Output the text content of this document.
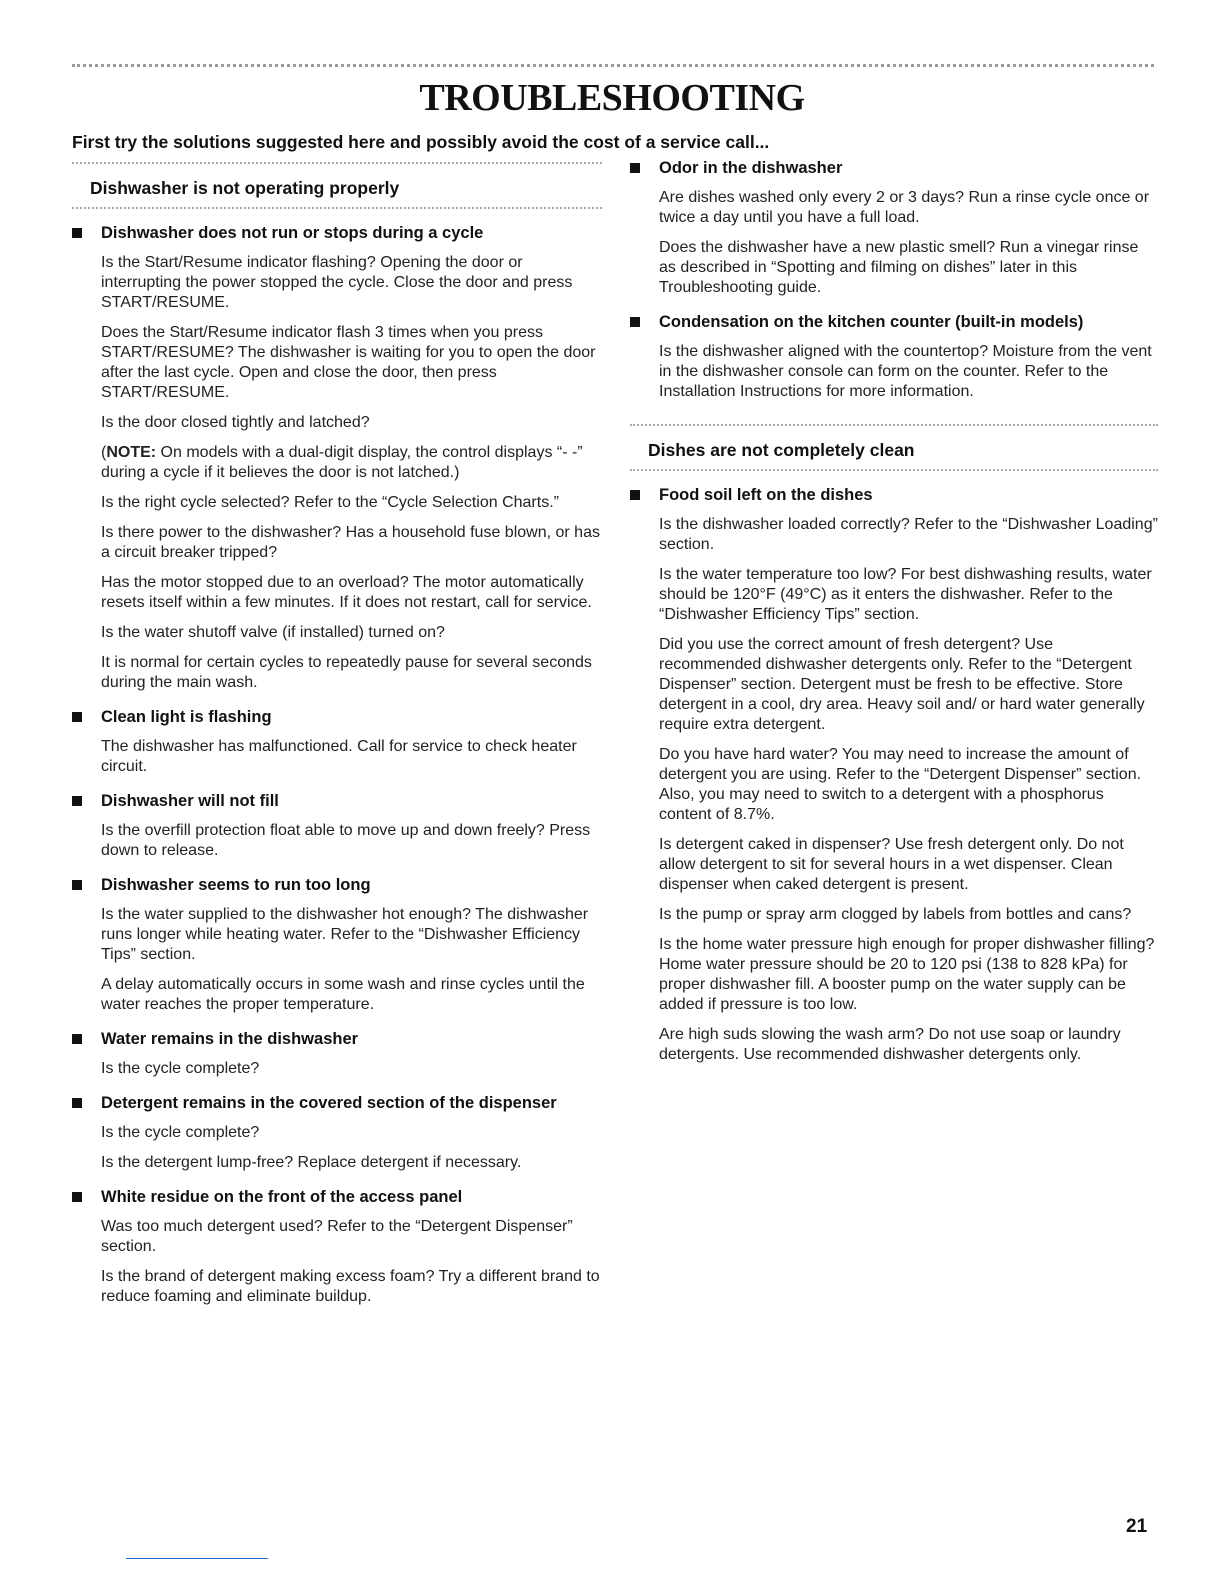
TROUBLESHOOTING
First try the solutions suggested here and possibly avoid the cost of a service call...
Dishwasher is not operating properly
Dishwasher does not run or stops during a cycle
Is the Start/Resume indicator flashing? Opening the door or interrupting the power stopped the cycle. Close the door and press START/RESUME.
Does the Start/Resume indicator flash 3 times when you press START/RESUME? The dishwasher is waiting for you to open the door after the last cycle. Open and close the door, then press START/RESUME.
Is the door closed tightly and latched?
(NOTE: On models with a dual-digit display, the control displays “- -” during a cycle if it believes the door is not latched.)
Is the right cycle selected? Refer to the “Cycle Selection Charts.”
Is there power to the dishwasher? Has a household fuse blown, or has a circuit breaker tripped?
Has the motor stopped due to an overload? The motor automatically resets itself within a few minutes. If it does not restart, call for service.
Is the water shutoff valve (if installed) turned on?
It is normal for certain cycles to repeatedly pause for several seconds during the main wash.
Clean light is flashing
The dishwasher has malfunctioned. Call for service to check heater circuit.
Dishwasher will not fill
Is the overfill protection float able to move up and down freely? Press down to release.
Dishwasher seems to run too long
Is the water supplied to the dishwasher hot enough? The dishwasher runs longer while heating water. Refer to the “Dishwasher Efficiency Tips” section.
A delay automatically occurs in some wash and rinse cycles until the water reaches the proper temperature.
Water remains in the dishwasher
Is the cycle complete?
Detergent remains in the covered section of the dispenser
Is the cycle complete?
Is the detergent lump-free? Replace detergent if necessary.
White residue on the front of the access panel
Was too much detergent used? Refer to the “Detergent Dispenser” section.
Is the brand of detergent making excess foam? Try a different brand to reduce foaming and eliminate buildup.
Odor in the dishwasher
Are dishes washed only every 2 or 3 days? Run a rinse cycle once or twice a day until you have a full load.
Does the dishwasher have a new plastic smell? Run a vinegar rinse as described in “Spotting and filming on dishes” later in this Troubleshooting guide.
Condensation on the kitchen counter (built-in models)
Is the dishwasher aligned with the countertop? Moisture from the vent in the dishwasher console can form on the counter. Refer to the Installation Instructions for more information.
Dishes are not completely clean
Food soil left on the dishes
Is the dishwasher loaded correctly? Refer to the “Dishwasher Loading” section.
Is the water temperature too low? For best dishwashing results, water should be 120°F (49°C) as it enters the dishwasher. Refer to the “Dishwasher Efficiency Tips” section.
Did you use the correct amount of fresh detergent? Use recommended dishwasher detergents only. Refer to the “Detergent Dispenser” section. Detergent must be fresh to be effective. Store detergent in a cool, dry area. Heavy soil and/ or hard water generally require extra detergent.
Do you have hard water? You may need to increase the amount of detergent you are using. Refer to the “Detergent Dispenser” section. Also, you may need to switch to a detergent with a phosphorus content of 8.7%.
Is detergent caked in dispenser? Use fresh detergent only. Do not allow detergent to sit for several hours in a wet dispenser. Clean dispenser when caked detergent is present.
Is the pump or spray arm clogged by labels from bottles and cans?
Is the home water pressure high enough for proper dishwasher filling? Home water pressure should be 20 to 120 psi (138 to 828 kPa) for proper dishwasher fill. A booster pump on the water supply can be added if pressure is too low.
Are high suds slowing the wash arm? Do not use soap or laundry detergents. Use recommended dishwasher detergents only.
21
